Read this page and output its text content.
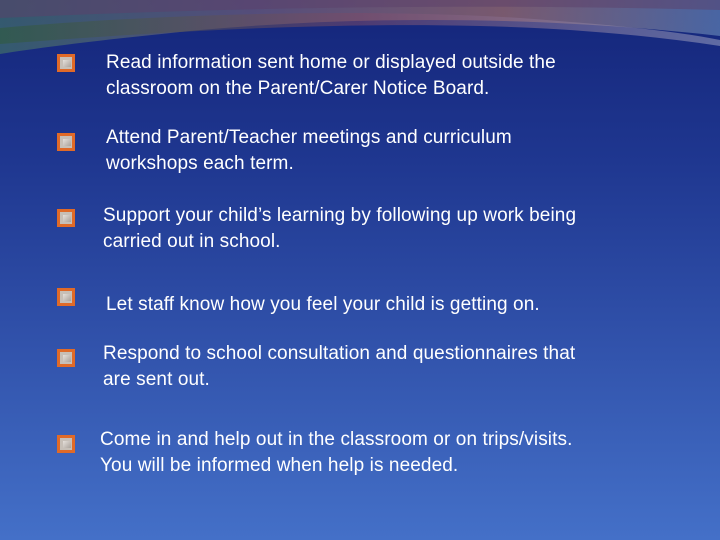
Read information sent home or displayed outside the
classroom on the Parent/Carer Notice Board.
Attend Parent/Teacher meetings and curriculum
workshops each term.
Support your child’s learning by following up work being
carried out in school.
Let staff know how you feel your child is getting on.
Respond to school consultation and questionnaires that
are sent out.
Come in and help out in the classroom or on trips/visits.
You will be informed when help is needed.
